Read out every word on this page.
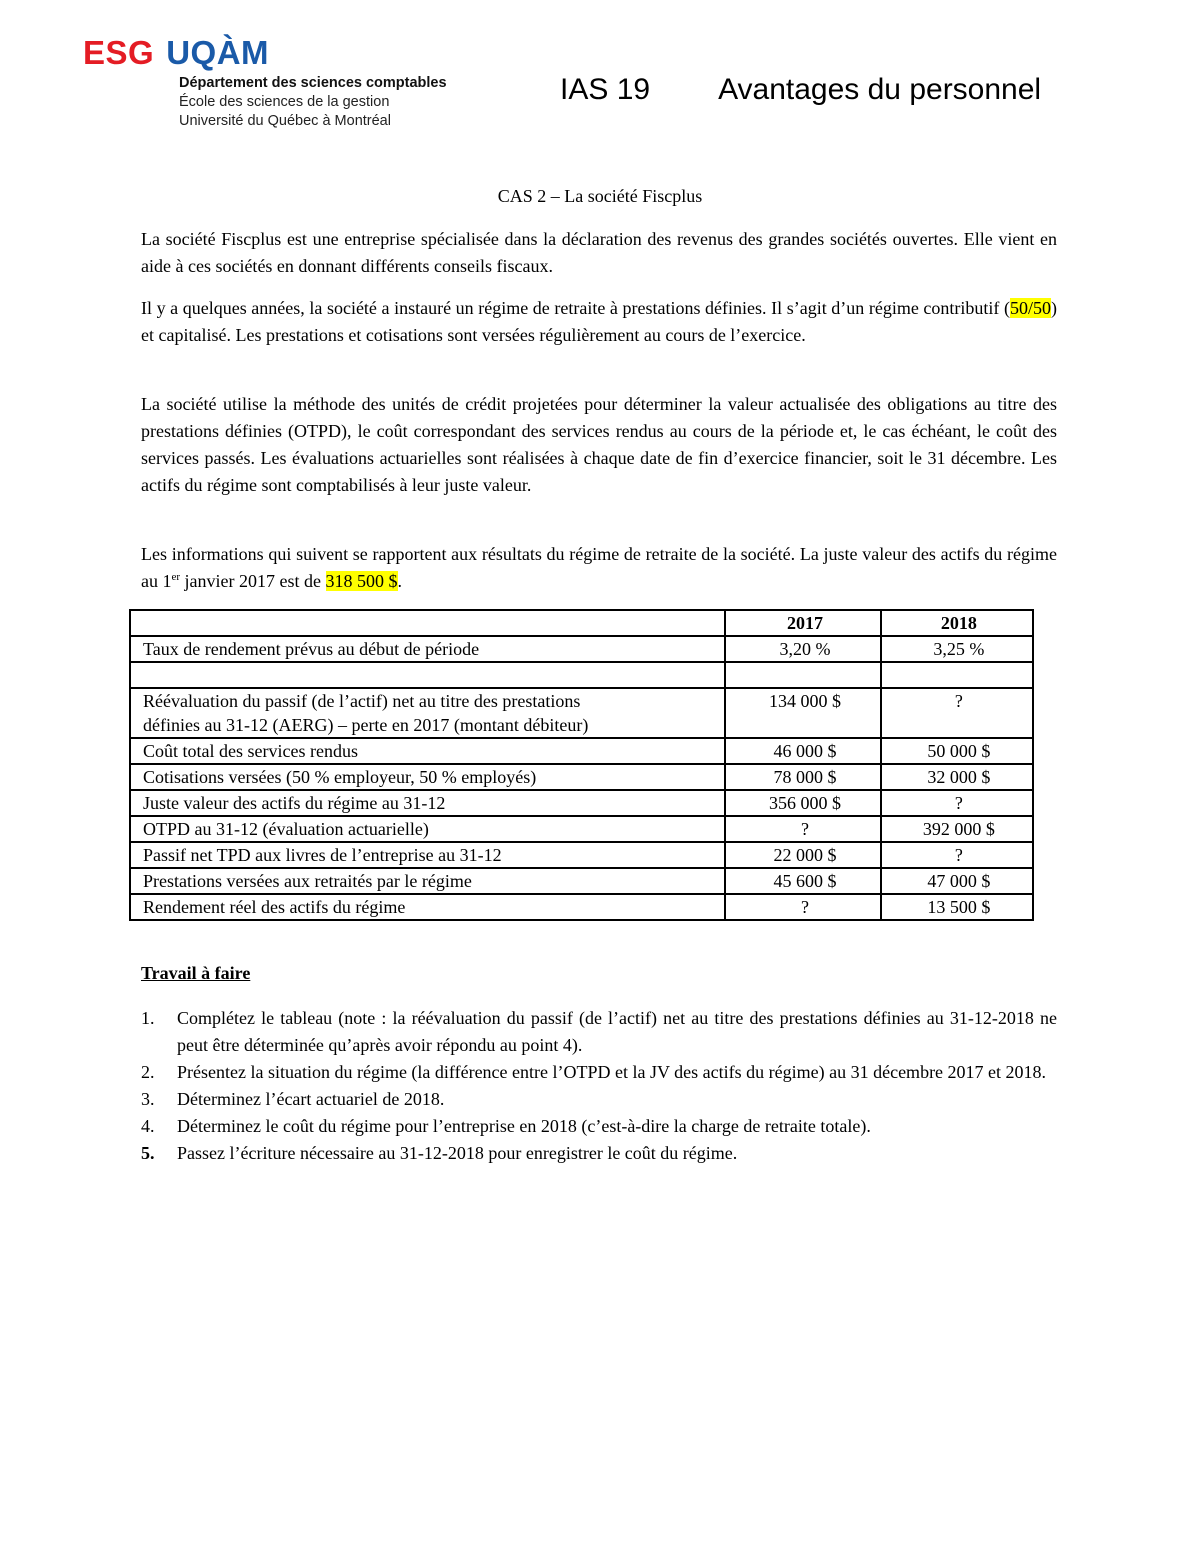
ESG UQÀM
Département des sciences comptables
École des sciences de la gestion
Université du Québec à Montréal
IAS 19 Avantages du personnel
CAS 2 – La société Fiscplus
La société Fiscplus est une entreprise spécialisée dans la déclaration des revenus des grandes sociétés ouvertes. Elle vient en aide à ces sociétés en donnant différents conseils fiscaux.
Il y a quelques années, la société a instauré un régime de retraite à prestations définies. Il s’agit d’un régime contributif (50/50) et capitalisé. Les prestations et cotisations sont versées régulièrement au cours de l’exercice.
La société utilise la méthode des unités de crédit projetées pour déterminer la valeur actualisée des obligations au titre des prestations définies (OTPD), le coût correspondant des services rendus au cours de la période et, le cas échéant, le coût des services passés. Les évaluations actuarielles sont réalisées à chaque date de fin d’exercice financier, soit le 31 décembre. Les actifs du régime sont comptabilisés à leur juste valeur.
Les informations qui suivent se rapportent aux résultats du régime de retraite de la société. La juste valeur des actifs du régime au 1er janvier 2017 est de 318 500 $.
	2017	2018
Taux de rendement prévus au début de période	3,20 %	3,25 %

Réévaluation du passif (de l’actif) net au titre des prestations
définies au 31-12 (AERG) – perte en 2017 (montant débiteur)	134 000 $	?
Coût total des services rendus	46 000 $	50 000 $
Cotisations versées (50 % employeur, 50 % employés)	78 000 $	32 000 $
Juste valeur des actifs du régime au 31-12	356 000 $	?
OTPD au 31-12 (évaluation actuarielle)	?	392 000 $
Passif net TPD aux livres de l’entreprise au 31-12	22 000 $	?
Prestations versées aux retraités par le régime	45 600 $	47 000 $
Rendement réel des actifs du régime	?	13 500 $
Travail à faire
1.	Complétez le tableau (note : la réévaluation du passif (de l’actif) net au titre des prestations définies au 31-12-2018 ne peut être déterminée qu’après avoir répondu au point 4).
2.	Présentez la situation du régime (la différence entre l’OTPD et la JV des actifs du régime) au 31 décembre 2017 et 2018.
3.	Déterminez l’écart actuariel de 2018.
4.	Déterminez le coût du régime pour l’entreprise en 2018 (c’est-à-dire la charge de retraite totale).
5.	Passez l’écriture nécessaire au 31-12-2018 pour enregistrer le coût du régime.
